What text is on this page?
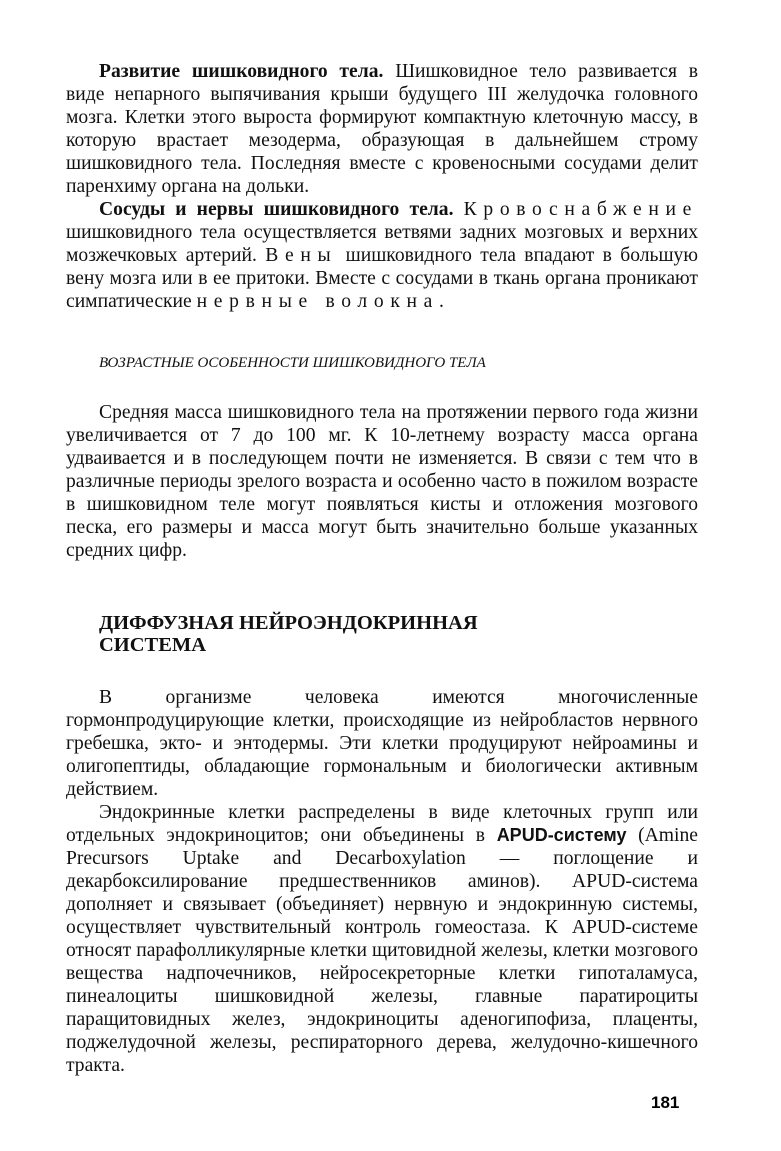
Развитие шишковидного тела. Шишковидное тело развивается в виде непарного выпячивания крыши будущего III желудочка головного мозга. Клетки этого выроста формируют компактную клеточную массу, в которую врастает мезодерма, образующая в дальнейшем строму шишковидного тела. Последняя вместе с кровеносными сосудами делит паренхиму органа на дольки.

Сосуды и нервы шишковидного тела. Кровоснабжение шишковидного тела осуществляется ветвями задних мозговых и верхних мозжечковых артерий. Вены шишковидного тела впадают в большую вену мозга или в ее притоки. Вместе с сосудами в ткань органа проникают симпатические нервные волокна.

ВОЗРАСТНЫЕ ОСОБЕННОСТИ ШИШКОВИДНОГО ТЕЛА

Средняя масса шишковидного тела на протяжении первого года жизни увеличивается от 7 до 100 мг. К 10-летнему возрасту масса органа удваивается и в последующем почти не изменяется. В связи с тем что в различные периоды зрелого возраста и особенно часто в пожилом возрасте в шишковидном теле могут появляться кисты и отложения мозгового песка, его размеры и масса могут быть значительно больше указанных средних цифр.

ДИФФУЗНАЯ НЕЙРОЭНДОКРИННАЯ
СИСТЕМА

В организме человека имеются многочисленные гормонпродуцирующие клетки, происходящие из нейробластов нервного гребешка, экто- и энтодермы. Эти клетки продуцируют нейроамины и олигопептиды, обладающие гормональным и биологически активным действием.

Эндокринные клетки распределены в виде клеточных групп или отдельных эндокриноцитов; они объединены в APUD-систему (Amine Precursors Uptake and Decarboxylation — поглощение и декарбоксилирование предшественников аминов). APUD-система дополняет и связывает (объединяет) нервную и эндокринную системы, осуществляет чувствительный контроль гомеостаза. К APUD-системе относят парафолликулярные клетки щитовидной железы, клетки мозгового вещества надпочечников, нейросекреторные клетки гипоталамуса, пинеалоциты шишковидной железы, главные паратироциты паращитовидных желез, эндокриноциты аденогипофиза, плаценты, поджелудочной железы, респираторного дерева, желудочно-кишечного тракта.

181
